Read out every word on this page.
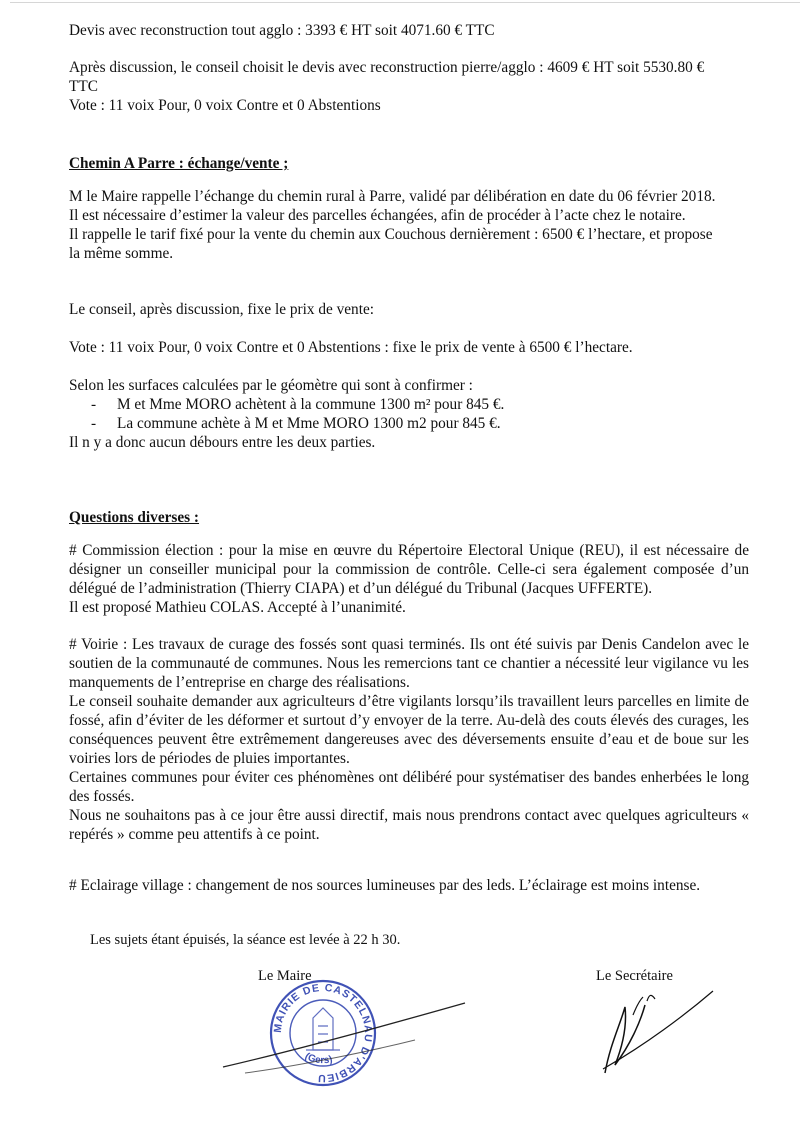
Devis avec reconstruction tout agglo : 3393 € HT soit 4071.60 € TTC

Après discussion, le conseil choisit le devis avec reconstruction pierre/agglo : 4609 € HT soit 5530.80 €

TTC

Vote : 11 voix Pour, 0 voix Contre et 0 Abstentions

Chemin A Parre : échange/vente ;

M le Maire rappelle l’échange du chemin rural à Parre, validé par délibération en date du 06 février 2018.

Il est nécessaire d’estimer la valeur des parcelles échangées, afin de procéder à l’acte chez le notaire.

Il rappelle le tarif fixé pour la vente du chemin aux Couchous dernièrement : 6500 € l’hectare, et propose

la même somme.

Le conseil, après discussion, fixe le prix de vente:

Vote : 11 voix Pour, 0 voix Contre et 0 Abstentions : fixe le prix de vente à 6500 € l’hectare.

Selon les surfaces calculées par le géomètre qui sont à confirmer :

- M et Mme MORO achètent à la commune 1300 m² pour 845 €.
- La commune achète à M et Mme MORO 1300 m2 pour 845 €.

Il n y a donc aucun débours entre les deux parties.

Questions diverses :

# Commission élection : pour la mise en œuvre du Répertoire Electoral Unique (REU), il est nécessaire de désigner un conseiller municipal pour la commission de contrôle. Celle-ci sera également composée d’un délégué de l’administration (Thierry CIAPA) et d’un délégué du Tribunal (Jacques UFFERTE).

Il est proposé Mathieu COLAS. Accepté à l’unanimité.

# Voirie : Les travaux de curage des fossés sont quasi terminés. Ils ont été suivis par Denis Candelon avec le soutien de la communauté de communes. Nous les remercions tant ce chantier a nécessité leur vigilance vu les manquements de l’entreprise en charge des réalisations.

Le conseil souhaite demander aux agriculteurs d’être vigilants lorsqu’ils travaillent leurs parcelles en limite de fossé, afin d’éviter de les déformer et surtout d’y envoyer de la terre. Au-delà des couts élevés des curages, les conséquences peuvent être extrêmement dangereuses avec des déversements ensuite d’eau et de boue sur les voiries lors de périodes de pluies importantes.

Certaines communes pour éviter ces phénomènes ont délibéré pour systématiser des bandes enherbées le long des fossés.

Nous ne souhaitons pas à ce jour être aussi directif, mais nous prendrons contact avec quelques agriculteurs « repérés » comme peu attentifs à ce point.

# Eclairage village : changement de nos sources lumineuses par des leds. L’éclairage est moins intense.

Les sujets étant épuisés, la séance est levée à 22 h 30.

Le Maire	Le Secrétaire

MAIRIE DE CASTELNAU D'ARBIEU
(Gers)
